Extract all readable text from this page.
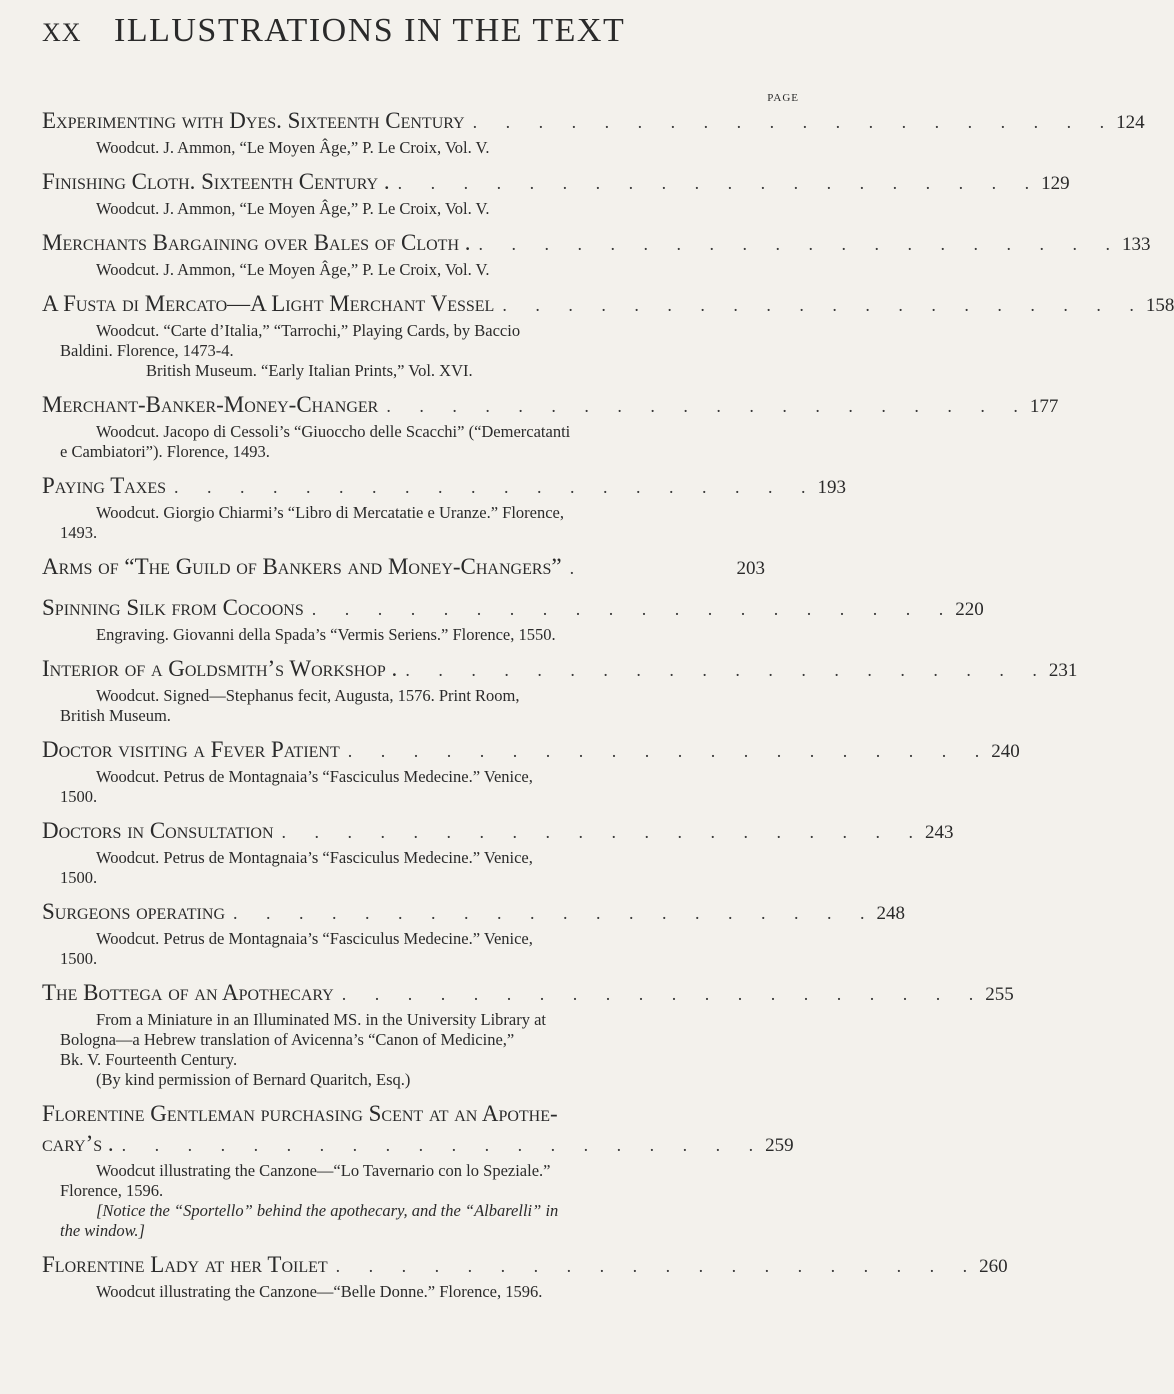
XX ILLUSTRATIONS IN THE TEXT
PAGE
Experimenting with Dyes. Sixteenth Century . . . . . . . . . . . . . . . . . . . . 124
Woodcut. J. Ammon, “Le Moyen Âge,” P. Le Croix, Vol. V.
Finishing Cloth. Sixteenth Century . . . . . . . . . . . . . . . . . . . . . 129
Woodcut. J. Ammon, “Le Moyen Âge,” P. Le Croix, Vol. V.
Merchants Bargaining over Bales of Cloth . . . . . . . . . . . . . . . . . . . . . 133
Woodcut. J. Ammon, “Le Moyen Âge,” P. Le Croix, Vol. V.
A Fusta di Mercato—A Light Merchant Vessel . . . . . . . . . . . . . . . . . . . . 158
Woodcut. “Carte d’Italia,” “Tarrochi,” Playing Cards, by Baccio
Baldini. Florence, 1473-4.
British Museum. “Early Italian Prints,” Vol. XVI.
Merchant-Banker-Money-Changer . . . . . . . . . . . . . . . . . . . . 177
Woodcut. Jacopo di Cessoli’s “Giuoccho delle Scacchi” (“Demercatanti
e Cambiatori”). Florence, 1493.
Paying Taxes . . . . . . . . . . . . . . . . . . . . 193
Woodcut. Giorgio Chiarmi’s “Libro di Mercatatie e Uranze.” Florence,
1493.
Arms of “The Guild of Bankers and Money-Changers” .	203
Spinning Silk from Cocoons . . . . . . . . . . . . . . . . . . . . 220
Engraving. Giovanni della Spada’s “Vermis Seriens.” Florence, 1550.
Interior of a Goldsmith’s Workshop . . . . . . . . . . . . . . . . . . . . . 231
Woodcut. Signed—Stephanus fecit, Augusta, 1576. Print Room,
British Museum.
Doctor visiting a Fever Patient . . . . . . . . . . . . . . . . . . . . 240
Woodcut. Petrus de Montagnaia’s “Fasciculus Medecine.” Venice,
1500.
Doctors in Consultation . . . . . . . . . . . . . . . . . . . . 243
Woodcut. Petrus de Montagnaia’s “Fasciculus Medecine.” Venice,
1500.
Surgeons operating . . . . . . . . . . . . . . . . . . . . 248
Woodcut. Petrus de Montagnaia’s “Fasciculus Medecine.” Venice,
1500.
The Bottega of an Apothecary . . . . . . . . . . . . . . . . . . . . 255
From a Miniature in an Illuminated MS. in the University Library at
Bologna—a Hebrew translation of Avicenna’s “Canon of Medicine,”
Bk. V. Fourteenth Century.
(By kind permission of Bernard Quaritch, Esq.)
Florentine Gentleman purchasing Scent at an Apothe-
cary’s . . . . . . . . . . . . . . . . . . . . . 259
Woodcut illustrating the Canzone—“Lo Tavernario con lo Speziale.”
Florence, 1596.
[Notice the “Sportello” behind the apothecary, and the “Albarelli” in
the window.]
Florentine Lady at her Toilet . . . . . . . . . . . . . . . . . . . . 260
Woodcut illustrating the Canzone—“Belle Donne.” Florence, 1596.
